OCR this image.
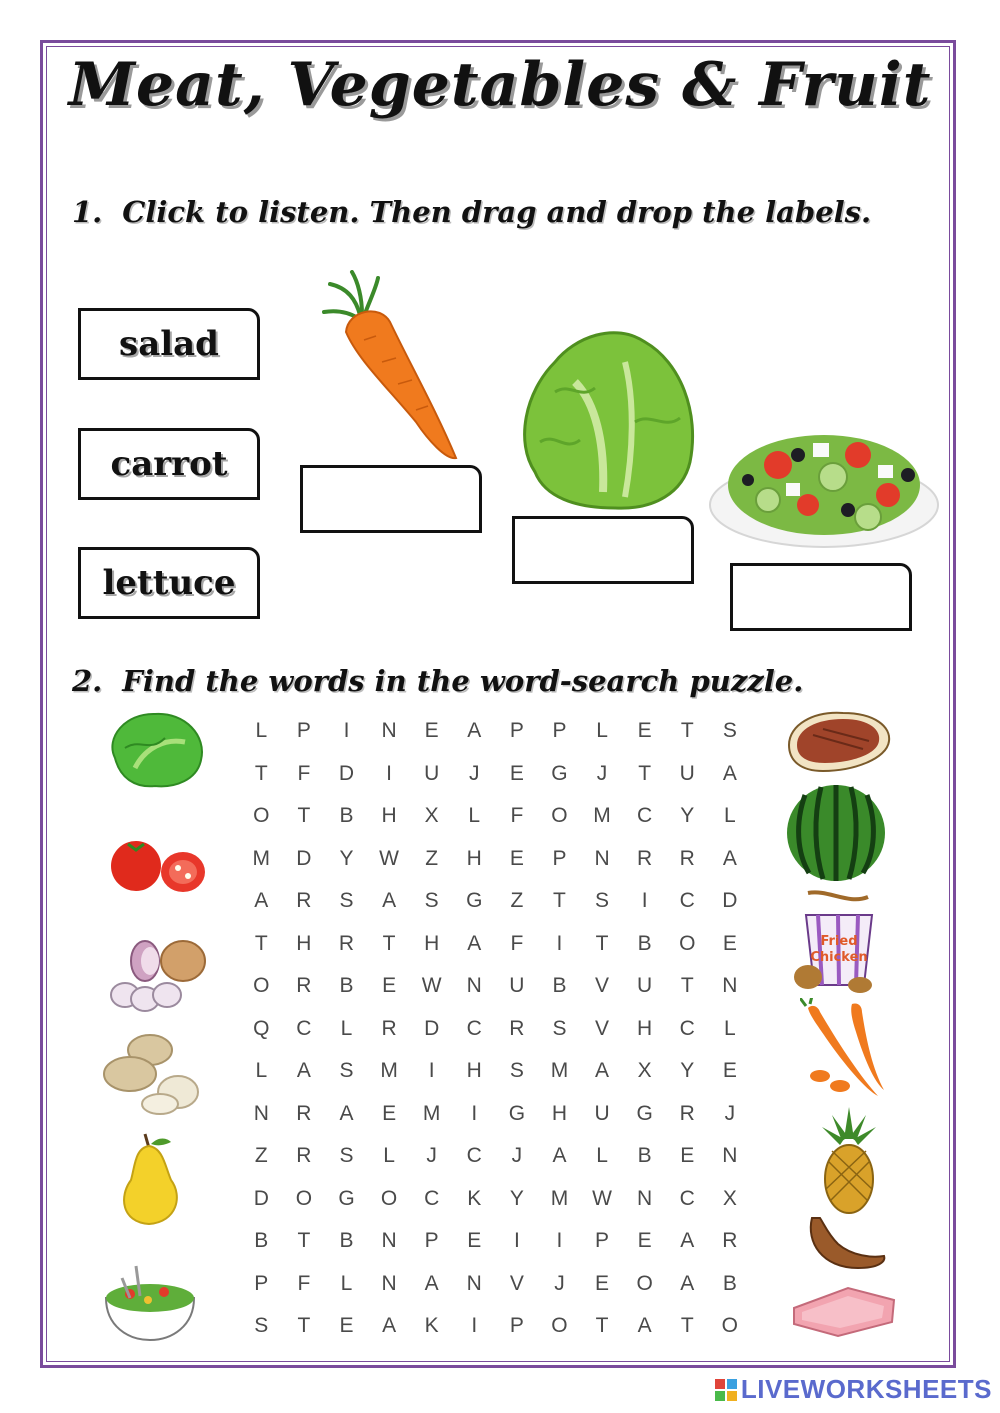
Meat, Vegetables & Fruit
1. Click to listen. Then drag and drop the labels.
salad
carrot
lettuce
2. Find the words in the word-search puzzle.
L	P	I	N	E	A	P	P	L	E	T	S
T	F	D	I	U	J	E	G	J	T	U	A
O	T	B	H	X	L	F	O	M	C	Y	L
M	D	Y	W	Z	H	E	P	N	R	R	A
A	R	S	A	S	G	Z	T	S	I	C	D
T	H	R	T	H	A	F	I	T	B	O	E
O	R	B	E	W	N	U	B	V	U	T	N
Q	C	L	R	D	C	R	S	V	H	C	L
L	A	S	M	I	H	S	M	A	X	Y	E
N	R	A	E	M	I	G	H	U	G	R	J
Z	R	S	L	J	C	J	A	L	B	E	N
D	O	G	O	C	K	Y	M	W	N	C	X
B	T	B	N	P	E	I	I	P	E	A	R
P	F	L	N	A	N	V	J	E	O	A	B
S	T	E	A	K	I	P	O	T	A	T	O
Fried Chicken
LIVEWORKSHEETS
